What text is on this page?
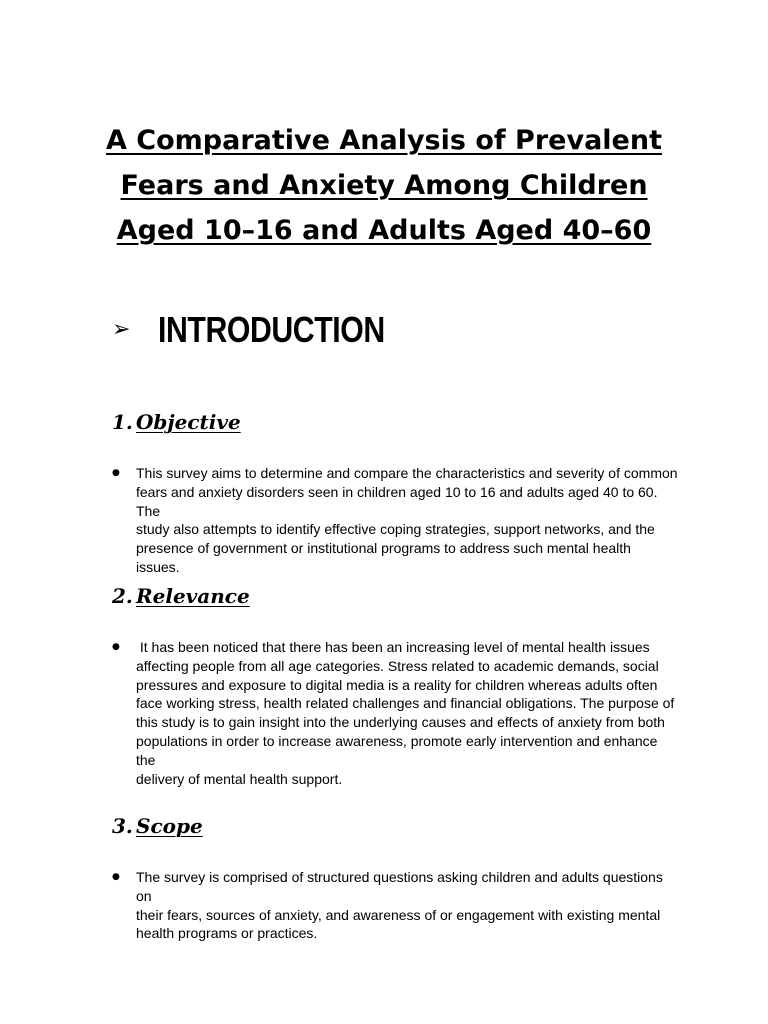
A Comparative Analysis of Prevalent
Fears and Anxiety Among Children
Aged 10–16 and Adults Aged 40–60
➢ INTRODUCTION
1. Objective
●	This survey aims to determine and compare the characteristics and severity of common
fears and anxiety disorders seen in children aged 10 to 16 and adults aged 40 to 60. The
study also attempts to identify effective coping strategies, support networks, and the
presence of government or institutional programs to address such mental health issues.
2. Relevance
●	It has been noticed that there has been an increasing level of mental health issues
affecting people from all age categories. Stress related to academic demands, social
pressures and exposure to digital media is a reality for children whereas adults often
face working stress, health related challenges and financial obligations. The purpose of
this study is to gain insight into the underlying causes and effects of anxiety from both
populations in order to increase awareness, promote early intervention and enhance the
delivery of mental health support.
3. Scope
●	The survey is comprised of structured questions asking children and adults questions on
their fears, sources of anxiety, and awareness of or engagement with existing mental
health programs or practices.
